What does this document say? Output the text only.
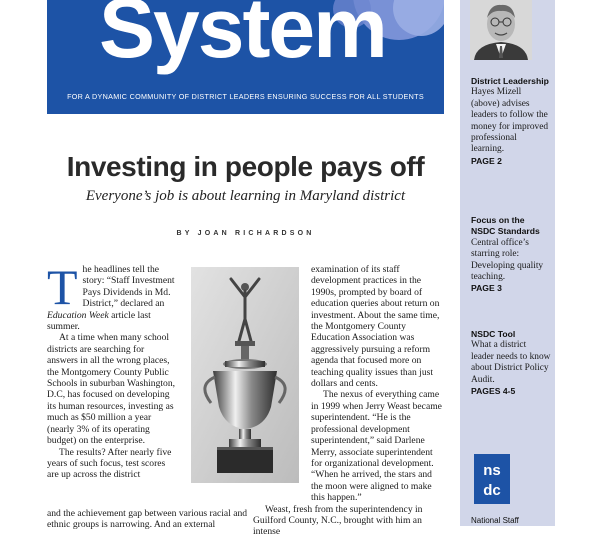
System
FOR A DYNAMIC COMMUNITY OF DISTRICT LEADERS ENSURING SUCCESS FOR ALL STUDENTS
Investing in people pays off
Everyone’s job is about learning in Maryland district
BY JOAN RICHARDSON

The headlines tell the story: “Staff Investment Pays Dividends in Md. District,” declared an Education Week article last summer.

At a time when many school districts are searching for answers in all the wrong places, the Montgomery County Public Schools in suburban Washington, D.C, has focused on developing its human resources, investing as much as $50 million a year (nearly 3% of its operating budget) on the enterprise.

The results? After nearly five years of such focus, test scores are up across the district

and the achievement gap between various racial and ethnic groups is narrowing. And an external

examination of its staff development practices in the 1990s, prompted by board of education queries about return on investment. About the same time, the Montgomery County Education Association was aggressively pursuing a reform agenda that focused more on teaching quality issues than just dollars and cents.

The nexus of everything came in 1999 when Jerry Weast became superintendent. “He is the professional development superintendent,” said Darlene Merry, associate superintendent for organizational development. “When he arrived, the stars and the moon were aligned to make this happen.”

Weast, fresh from the superintendency in Guilford County, N.C., brought with him an intense

District Leadership
Hayes Mizell (above) advises leaders to follow the money for improved professional learning.
PAGE 2
Focus on the NSDC Standards
Central office’s starring role: Developing quality teaching.
PAGE 3
NSDC Tool
What a district leader needs to know about District Policy Audit.
PAGES 4-5
ns
dc
National Staff
